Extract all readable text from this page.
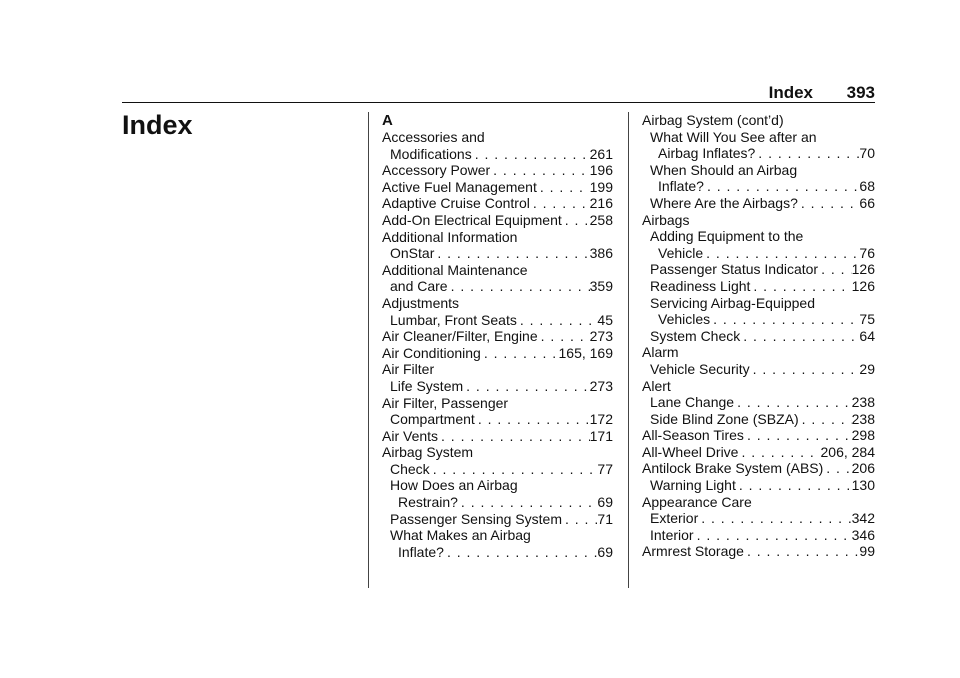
Index 393
Index	A
Accessories and
Modifications . . .	261
Accessory Power . . .	196
Active Fuel Management . . .	199
Adaptive Cruise Control . . .	216
Add-On Electrical Equipment . . . 258
Additional Information
OnStar . . .	386
Additional Maintenance
and Care . . .	359
Adjustments
Lumbar, Front Seats . . .	45
Air Cleaner/Filter, Engine . . .	273
Air Conditioning . . .	165, 169
Air Filter
Life System . . .	273
Air Filter, Passenger
Compartment . . .	172
Air Vents . . .	171
Airbag System
Check . . .	77
How Does an Airbag
Restrain? . . .	69
Passenger Sensing System . . .	71
What Makes an Airbag
Inflate? . . .	69
Airbag System (cont’d)
What Will You See after an
Airbag Inflates? . . .	70
When Should an Airbag
Inflate? . . .	68
Where Are the Airbags? . . .	66
Airbags
Adding Equipment to the
Vehicle . . .	76
Passenger Status Indicator . . . 126
Readiness Light . . .	126
Servicing Airbag-Equipped
Vehicles . . .	75
System Check . . .	64
Alarm
Vehicle Security . . .	29
Alert
Lane Change . . .	238
Side Blind Zone (SBZA) . . .	238
All-Season Tires . . .	298
All-Wheel Drive . . .	206, 284
Antilock Brake System (ABS) . . . 206
Warning Light . . .	130
Appearance Care
Exterior . . .	342
Interior . . .	346
Armrest Storage . . .	99
